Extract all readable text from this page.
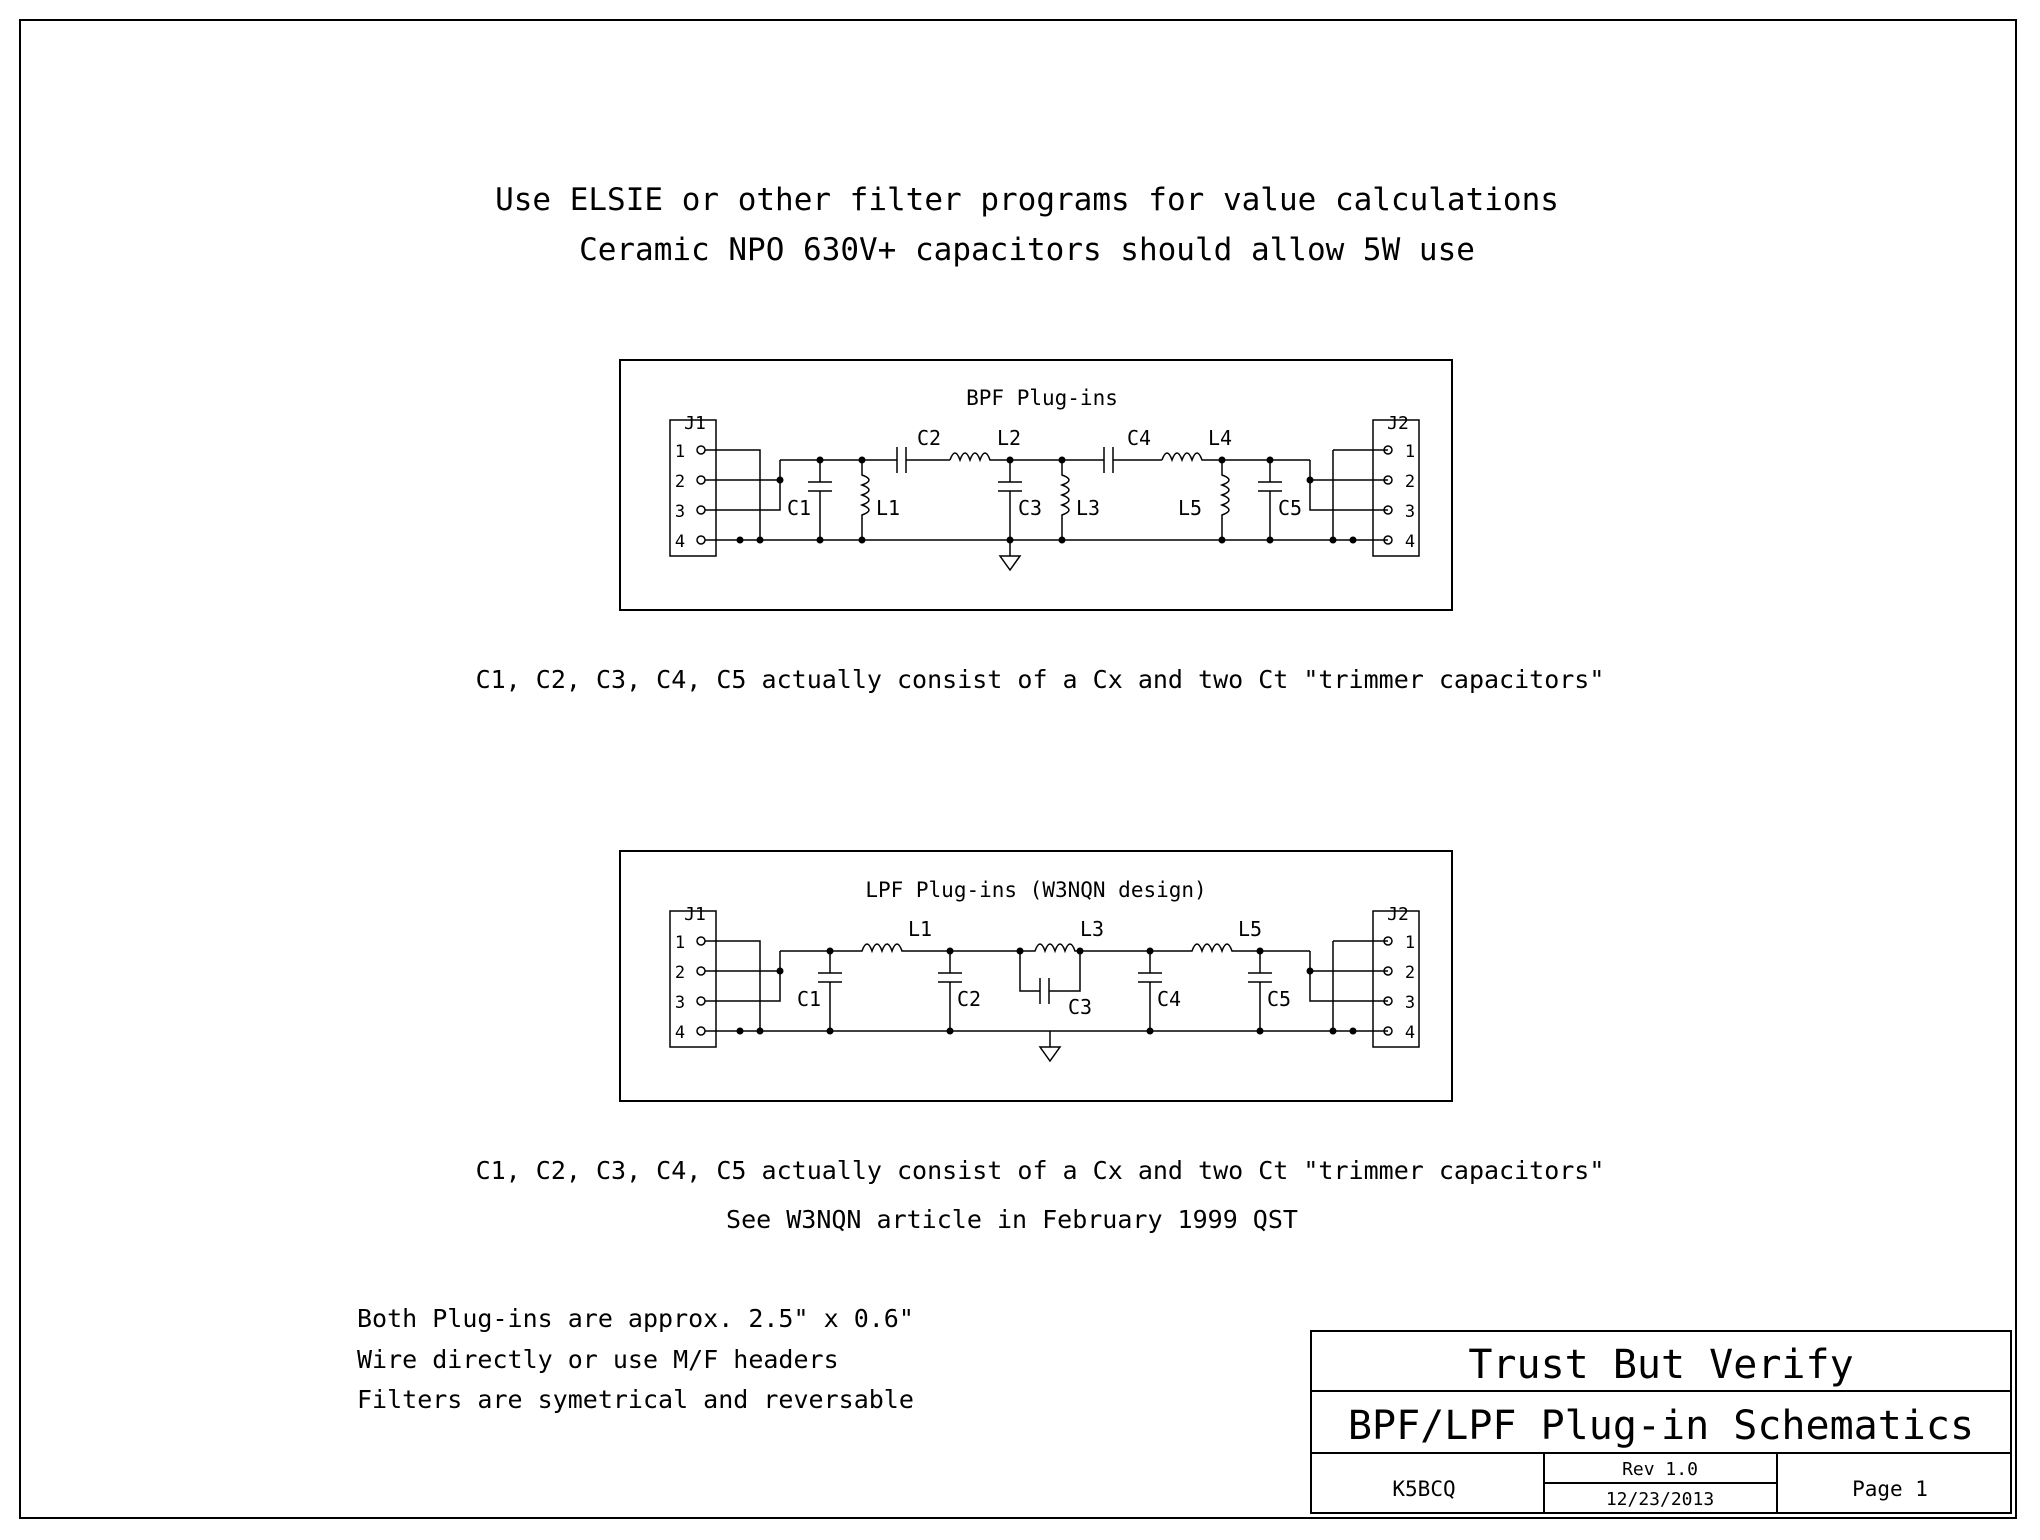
Use ELSIE or other filter programs for value calculations
Ceramic NPO 630V+ capacitors should allow 5W use
BPF Plug-ins
J1
1
2
3
4
J2
1
2
3
4
C1	L1
C2	L2
C3 L3
C4	L4
L5	C5
C1, C2, C3, C4, C5 actually consist of a Cx and two Ct "trimmer capacitors"
LPF Plug-ins (W3NQN design)
J1
1
2
3
4
J2
1
2
3
4
L1	L3	L5
C1	C2	C3	C4	C5
C1, C2, C3, C4, C5 actually consist of a Cx and two Ct "trimmer capacitors"
See W3NQN article in February 1999 QST
Both Plug-ins are approx. 2.5" x 0.6"
Wire directly or use M/F headers
Filters are symetrical and reversable
Trust But Verify
BPF/LPF Plug-in Schematics
K5BCQ
Rev 1.0
12/23/2013	Page 1
